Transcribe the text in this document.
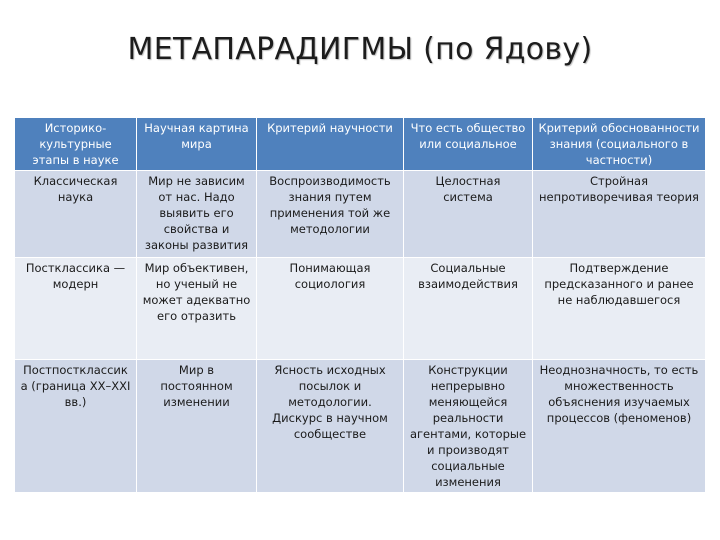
МЕТАПАРАДИГМЫ (по Ядову)
Историко-культурные этапы в науке	Научная картина мира	Критерий научности	Что есть общество или социальное	Критерий обоснованности знания (социального в частности)
Классическая наука	Мир не зависим от нас. Надо выявить его свойства и законы развития	Воспроизводимость знания путем применения той же методологии	Целостная система	Стройная непротиворечивая теория
Постклассика — модерн	Мир объективен, но ученый не может адекватно его отразить	Понимающая социология	Социальные взаимодействия	Подтверждение предсказанного и ранее не наблюдавшегося
Постпостклассика (граница XX–XXI вв.)	Мир в постоянном изменении	Ясность исходных посылок и методологии. Дискурс в научном сообществе	Конструкции непрерывно меняющейся реальности агентами, которые и производят социальные изменения	Неоднозначность, то есть множественность объяснения изучаемых процессов (феноменов)
